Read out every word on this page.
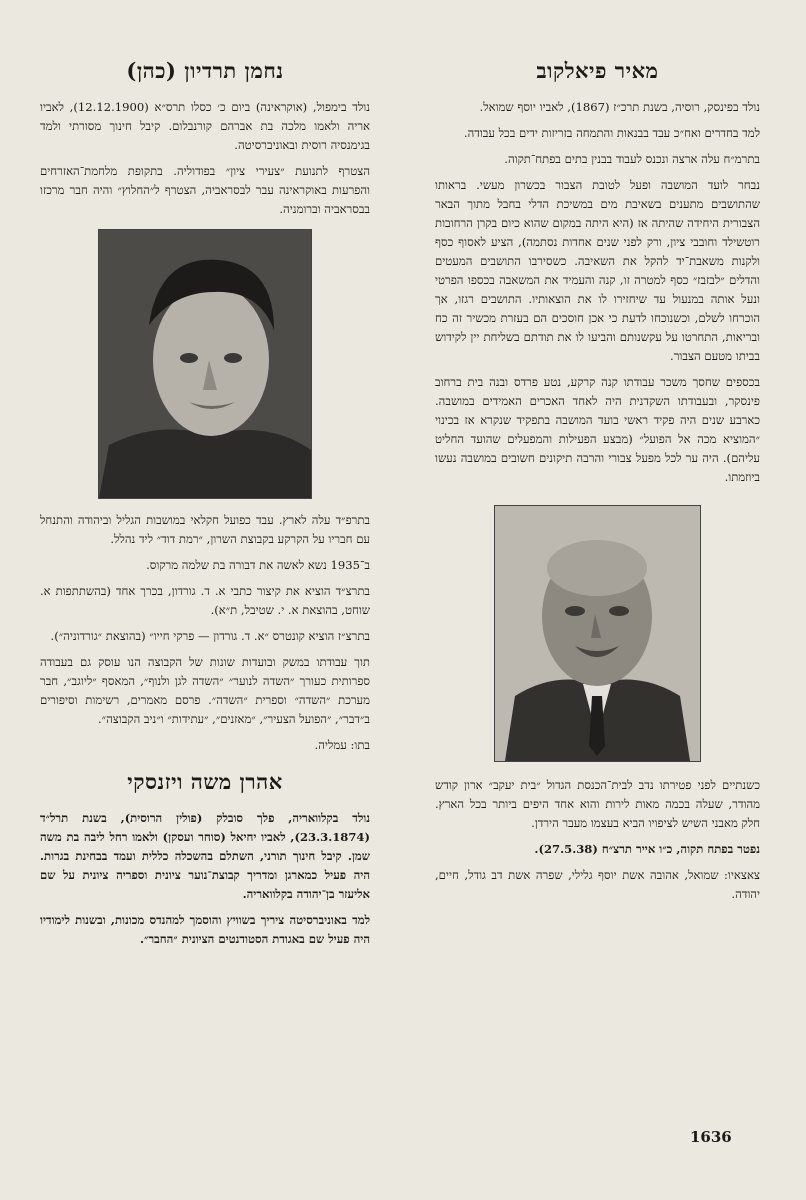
מאיר פיאלקוב

נולד בפינסק, רוסיה, בשנת תרכ״ז (1867), לאביו יוסף שמואל.

למד בחדרים ואח״כ עבד בבנאות והתמחה בזריזות ידים בכל עבודה.

בתרמ״ח עלה ארצה ונכנס לעבוד בבנין בתים בפתח־תקוה.

נבחר לועד המושבה ופעל לטובת הצבור בכשרון מעשי. בראותו שהתושבים מתענים בשאיבת מים במשיכת הדלי בחבל מתוך הבאר הצבורית היחידה שהיתה אז (היא היתה במקום שהוא כיום בקרן הרחובות רוטשילד וחובבי ציון, ורק לפני שנים אחדות נסתמה), הציע לאסוף כסף ולקנות משאבת־יד להקל את השאיבה. כשסירבו התושבים המעטים והדלים ״לבזבז״ כסף למטרה זו, קנה והעמיד את המשאבה בכספו הפרטי ונעל אותה במנעול עד שיחזירו לו את הוצאותיו. התושבים רגזו, אך הוכרחו לשלם, וכשנוכחו לדעת כי אכן חוסכים הם בעזרת מכשיר זה כח ובריאות, התחרטו על עקשנותם והביעו לו את תודתם בשליחת יין לקידוש בביתו מטעם הצבור.

בכספים שחסך משכר עבודתו קנה קרקע, נטע פרדס ובנה בית ברחוב פינסקר, ובעבודתו השקדנית היה לאחד האכרים האמידים במושבה. כארבע שנים היה פקיד ראשי בועד המושבה בתפקיד שנקרא אז בכינוי ״המוציא מכה אל הפועל״ (מבצע הפעילות והמפעלים שהועד החליט עליהם). היה ער לכל מפעל צבורי והרבה תיקונים חשובים במושבה נעשו ביוזמתו.

כשנתיים לפני פטירתו נדב לבית־הכנסת הגדול ״בית יעקב״ ארון קודש מהודר, שעלה בכמה מאות לירות והוא אחד היפים ביותר בכל הארץ. חלק מאבני השיש לציפויו הביא בעצמו מעבר הירדן.

נפטר בפתח תקוה, כ״ו אייר תרצ״ח (27.5.38).

צאצאיו: שמואל, אהובה אשת יוסף גלילי, שפרה אשת דב גודל, חיים, יהודה.

נחמן תרדיון (כהן)

נולד בימפול, (אוקראינה) ביום כ׳ כסלו תרס״א (12.12.1900), לאביו אריה ולאמו מלכה בת אברהם קורנבלום. קיבל חינוך מסורתי ולמד בגימנסיה רוסית ובאוניברסיטה.

הצטרף לתנועת ״צעירי ציון״ בפודוליה. בתקופת מלחמת־האזרחים והפרעות באוקראינה עבר לבסראביה, הצטרף ל״החלוץ״ והיה חבר מרכזו בבסראביה וברומניה.

בתרפ״ד עלה לארץ. עבד כפועל חקלאי במושבות הגליל וביהודה והתנחל עם חבריו על הקרקע בקבוצת השרון, ״רמת דוד״ ליד נהלל.

ב־1935 נשא לאשה את דבורה בת שלמה מרקוס.

בתרצ״ד הוציא את קיצור כתבי א. ד. גורדון, בכרך אחד (בהשתתפות א. שוחט, בהוצאת א. י. שטיבל, ת״א).

בתרצ״ז הוציא קונטרס ״א. ד. גורדון — פרקי חייו״ (בהוצאת ״גורדוניה״).

תוך עבודתו במשק ובועדות שונות של הקבוצה הנו עוסק גם בעבודה ספרותית כעורך ״השדה לנוער״ ״השדה לגן ולנוף״, המאסף ״ליוגב״, חבר מערכת ״השדה״ וספרית ״השדה״. פרסם מאמרים, רשימות וסיפורים ב״דבר״, ״הפועל הצעיר״, ״מאזנים״, ״עתידות״ ו״ניב הקבוצה״.

בתו: עמליה.

אהרן משה ויזנסקי

נולד בקלוואריה, פלך סובלק (פולין הרוסית), בשנת תרל״ד (23.3.1874), לאביו יחיאל (סוחר ועסקן) ולאמו רחל ליבה בת משה שמן. קיבל חינוך תורני, השתלם בהשכלה כללית ועמד בבחינת בגרות. היה פעיל כמארגן ומדריך קבוצת־נוער ציונית וספריה ציונית על שם אליעזר בן־יהודה בקלוואריה.

למד באוניברסיטה ציריך בשוויץ והוסמך למהנדס מכונות, ובשנות לימודיו היה פעיל שם באגודת הסטודנטים הציונית ״החבר״.

1636
